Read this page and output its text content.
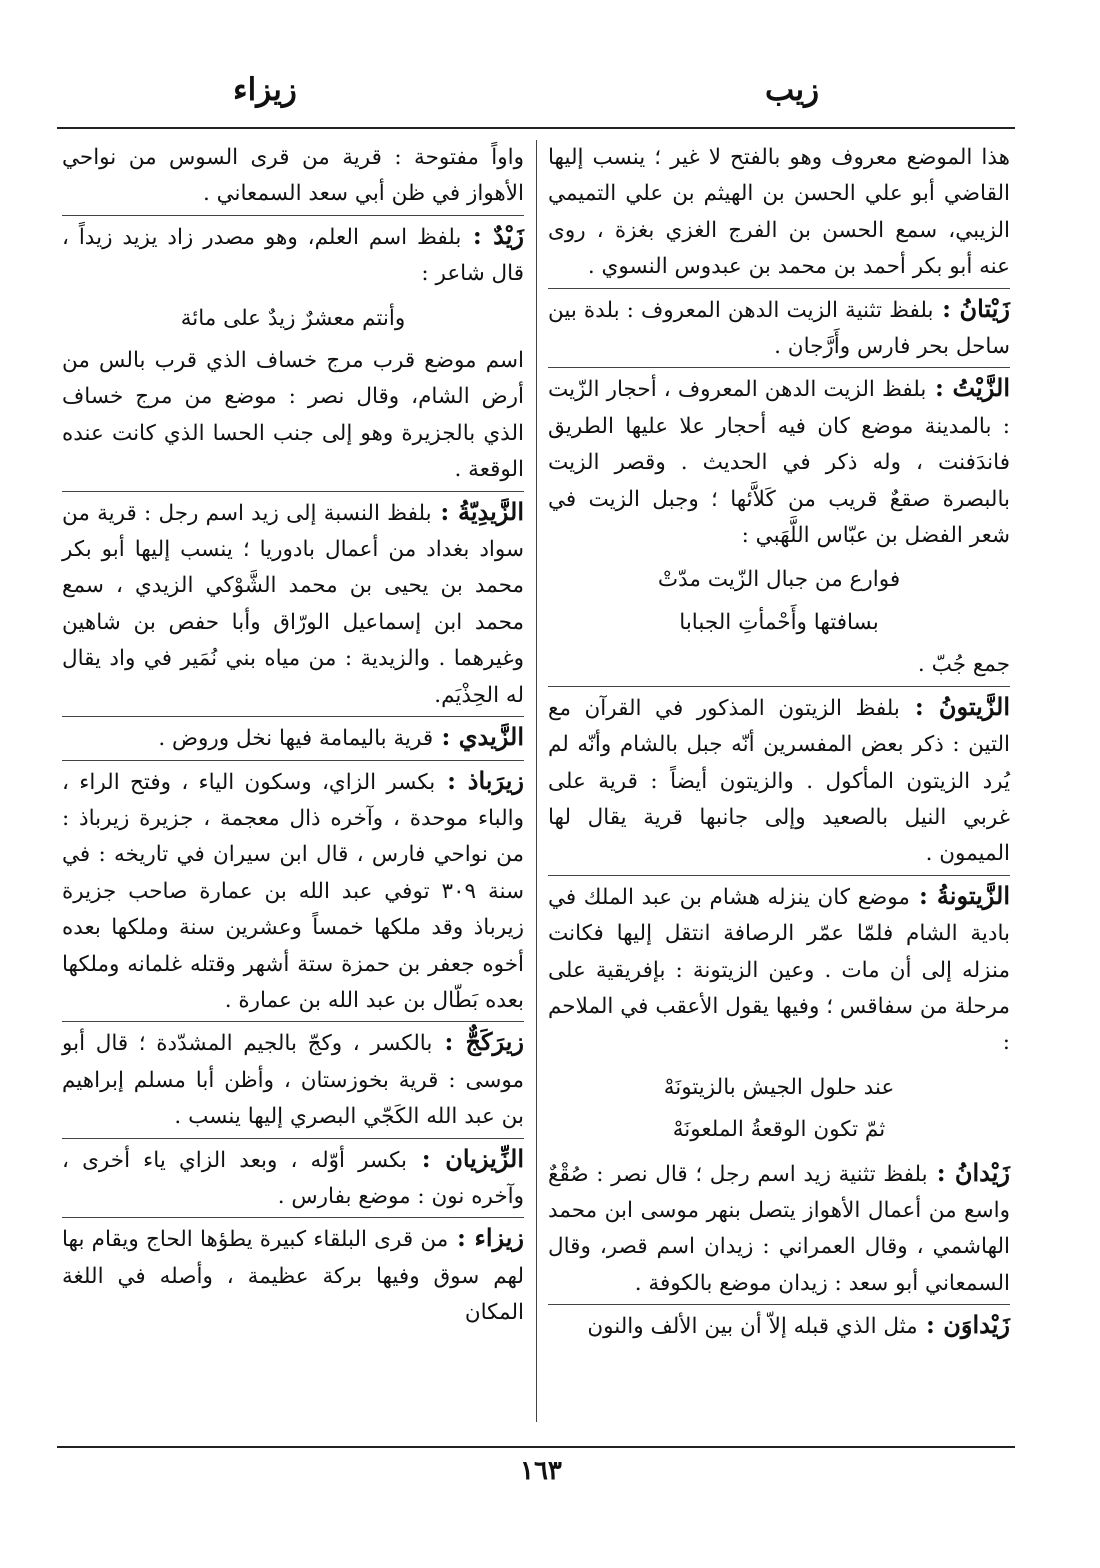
زيب
زيزاء
هذا الموضع معروف وهو بالفتح لا غير ؛ ينسب إليها القاضي أبو علي الحسن بن الهيثم بن علي التميمي الزيبي، سمع الحسن بن الفرج الغزي بغزة ، روى عنه أبو بكر أحمد بن محمد بن عبدوس النسوي .
زَيْتانُ : بلفظ تثنية الزيت الدهن المعروف : بلدة بين ساحل بحر فارس وأَرَّجان .
الزَّيْتُ : بلفظ الزيت الدهن المعروف ، أحجار الزّيت : بالمدينة موضع كان فيه أحجار علا عليها الطريق فاندَفنت ، وله ذكر في الحديث . وقصر الزيت بالبصرة صقعٌ قريب من كَلاَّئها ؛ وجبل الزيت في شعر الفضل بن عبّاس اللَّهَبي :
فوارع من جبال الزّيت مدّتْ
بسافتها وأَحْمأتِ الجبابا
جمع جُبّ .
الزَّيتونُ : بلفظ الزيتون المذكور في القرآن مع التين : ذكر بعض المفسرين أنّه جبل بالشام وأنّه لم يُرد الزيتون المأكول . والزيتون أيضاً : قرية على غربي النيل بالصعيد وإلى جانبها قرية يقال لها الميمون .
الزَّيتونةُ : موضع كان ينزله هشام بن عبد الملك في بادية الشام فلمّا عمّر الرصافة انتقل إليها فكانت منزله إلى أن مات . وعين الزيتونة : بإفريقية على مرحلة من سفاقس ؛ وفيها يقول الأعقب في الملاحم :
عند حلول الجيش بالزيتونَهْ
ثمّ تكون الوقعةُ الملعونَهْ
زَيْدانُ : بلفظ تثنية زيد اسم رجل ؛ قال نصر : صُقْعٌ واسع من أعمال الأهواز يتصل بنهر موسى ابن محمد الهاشمي ، وقال العمراني : زيدان اسم قصر، وقال السمعاني أبو سعد : زيدان موضع بالكوفة .
زَيْداوَن : مثل الذي قبله إلاّ أن بين الألف والنون
واواً مفتوحة : قرية من قرى السوس من نواحي الأهواز في ظن أبي سعد السمعاني .
زَيْدٌ : بلفظ اسم العلم، وهو مصدر زاد يزيد زيداً ، قال شاعر :
وأنتم معشرٌ زيدٌ على مائة
اسم موضع قرب مرج خساف الذي قرب بالس من أرض الشام، وقال نصر : موضع من مرج خساف الذي بالجزيرة وهو إلى جنب الحسا الذي كانت عنده الوقعة .
الزَّيدِيّةُ : بلفظ النسبة إلى زيد اسم رجل : قرية من سواد بغداد من أعمال بادوريا ؛ ينسب إليها أبو بكر محمد بن يحيى بن محمد الشَّوْكي الزيدي ، سمع محمد ابن إسماعيل الورّاق وأبا حفص بن شاهين وغيرهما . والزيدية : من مياه بني نُمَير في واد يقال له الحِذْيَم.
الزَّيدي : قرية باليمامة فيها نخل وروض .
زيرَباذ : بكسر الزاي، وسكون الياء ، وفتح الراء ، والباء موحدة ، وآخره ذال معجمة ، جزيرة زيرباذ : من نواحي فارس ، قال ابن سيران في تاريخه : في سنة ٣٠٩ توفي عبد الله بن عمارة صاحب جزيرة زيرباذ وقد ملكها خمساً وعشرين سنة وملكها بعده أخوه جعفر بن حمزة ستة أشهر وقتله غلمانه وملكها بعده بَطّال بن عبد الله بن عمارة .
زيرَكَجٌّ : بالكسر ، وكجّ بالجيم المشدّدة ؛ قال أبو موسى : قرية بخوزستان ، وأظن أبا مسلم إبراهيم بن عبد الله الكَجّي البصري إليها ينسب .
الزِّيزيان : بكسر أوّله ، وبعد الزاي ياء أخرى ، وآخره نون : موضع بفارس .
زيزاء : من قرى البلقاء كبيرة يطؤها الحاج ويقام بها لهم سوق وفيها بركة عظيمة ، وأصله في اللغة المكان
١٦٣
